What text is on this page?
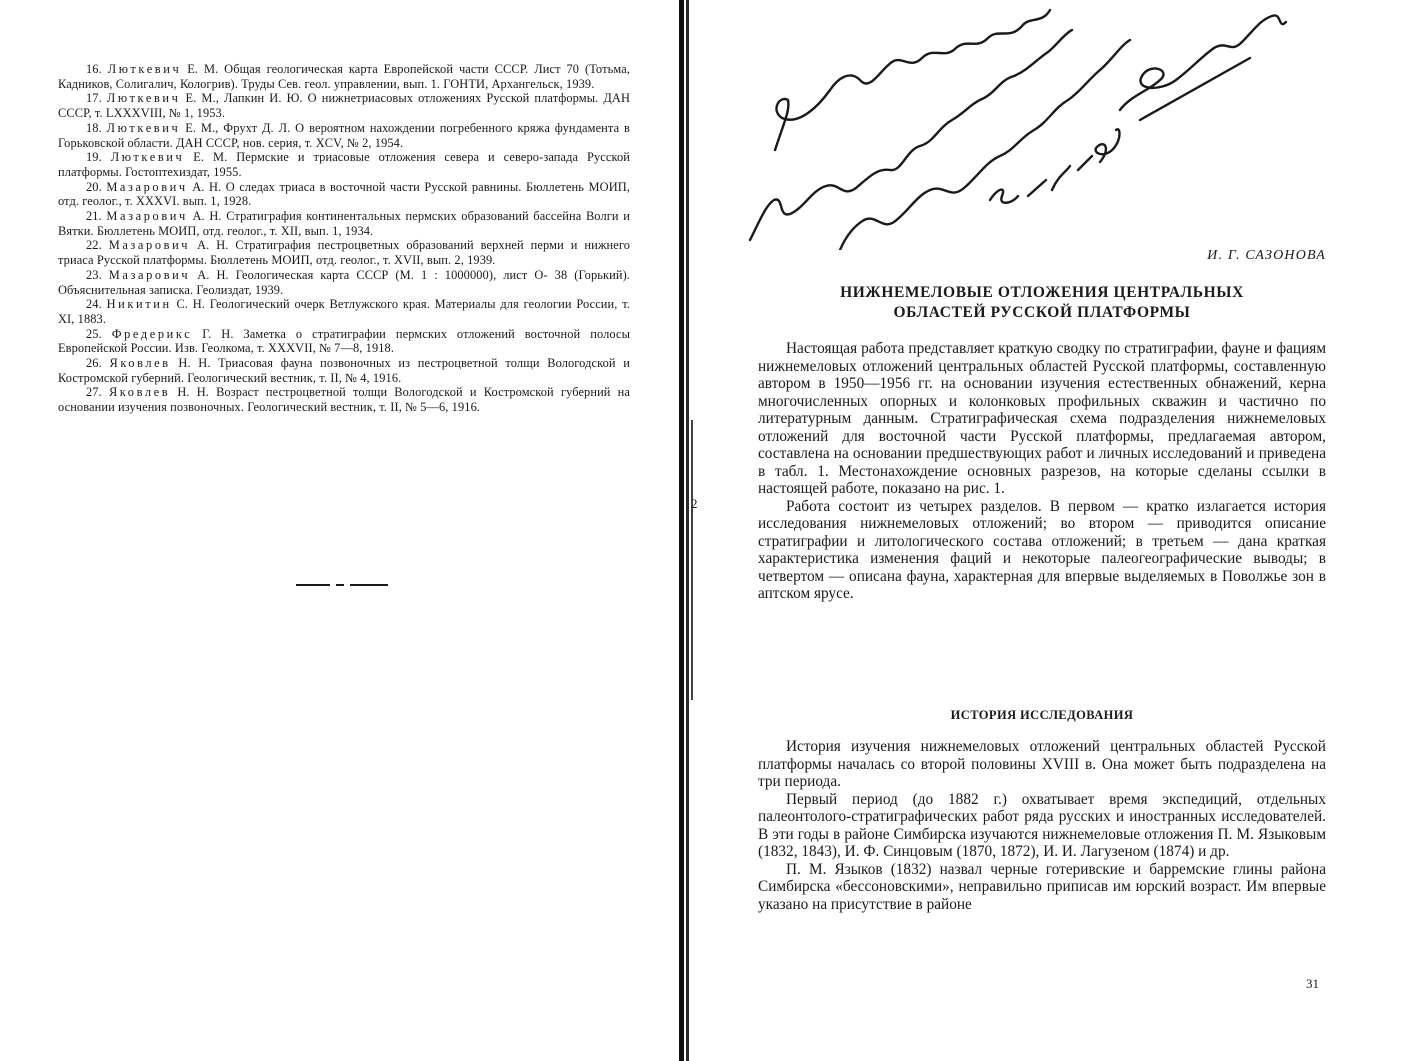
16. Люткевич Е. М. Общая геологическая карта Европейской части СССР. Лист 70 (Тотьма, Кадников, Солигалич, Кологрив). Труды Сев. геол. управлении, вып. 1. ГОНТИ, Архангельск, 1939.

17. Люткевич Е. М., Лапкин И. Ю. О нижнетриасовых отложениях Русской платформы. ДАН СССР, т. LXXXVIII, № 1, 1953.

18. Люткевич Е. М., Фрухт Д. Л. О вероятном нахождении погребенного кряжа фундамента в Горьковской области. ДАН СССР, нов. серия, т. XCV, № 2, 1954.

19. Люткевич Е. М. Пермские и триасовые отложения севера и северо-запада Русской платформы. Гостоптехиздат, 1955.

20. Мазарович А. Н. О следах триаса в восточной части Русской равнины. Бюллетень МОИП, отд. геолог., т. XXXVI. вып. 1, 1928.

21. Мазарович А. Н. Стратиграфия континентальных пермских образований бассейна Волги и Вятки. Бюллетень МОИП, отд. геолог., т. XII, вып. 1, 1934.

22. Мазарович А. Н. Стратиграфия пестроцветных образований верхней перми и нижнего триаса Русской платформы. Бюллетень МОИП, отд. геолог., т. XVII, вып. 2, 1939.

23. Мазарович А. Н. Геологическая карта СССР (М. 1 : 1000000), лист О- 38 (Горький). Объяснительная записка. Геолиздат, 1939.

24. Никитин С. Н. Геологический очерк Ветлужского края. Материалы для геологии России, т. XI, 1883.

25. Фредерикс Г. Н. Заметка о стратиграфии пермских отложений восточной полосы Европейской России. Изв. Геолкома, т. XXXVII, № 7—8, 1918.

26. Яковлев Н. Н. Триасовая фауна позвоночных из пестроцветной толщи Вологодской и Костромской губерний. Геологический вестник, т. II, № 4, 1916.

27. Яковлев Н. Н. Возраст пестроцветной толщи Вологодской и Костромской губерний на основании изучения позвоночных. Геологический вестник, т. II, № 5—6, 1916.

2
И. Г. САЗОНОВА
НИЖНЕМЕЛОВЫЕ ОТЛОЖЕНИЯ ЦЕНТРАЛЬНЫХ
ОБЛАСТЕЙ РУССКОЙ ПЛАТФОРМЫ

Настоящая работа представляет краткую сводку по стратиграфии, фауне и фациям нижнемеловых отложений центральных областей Русской платформы, составленную автором в 1950—1956 гг. на основании изучения естественных обнажений, керна многочисленных опорных и колонковых профильных скважин и частично по литературным данным. Стратиграфическая схема подразделения нижнемеловых отложений для восточной части Русской платформы, предлагаемая автором, составлена на основании предшествующих работ и личных исследований и приведена в табл. 1. Местонахождение основных разрезов, на которые сделаны ссылки в настоящей работе, показано на рис. 1.

Работа состоит из четырех разделов. В первом — кратко излагается история исследования нижнемеловых отложений; во втором — приводится описание стратиграфии и литологического состава отложений; в третьем — дана краткая характеристика изменения фаций и некоторые палеогеографические выводы; в четвертом — описана фауна, характерная для впервые выделяемых в Поволжье зон в аптском ярусе.

ИСТОРИЯ ИССЛЕДОВАНИЯ

История изучения нижнемеловых отложений центральных областей Русской платформы началась со второй половины XVIII в. Она может быть подразделена на три периода.

Первый период (до 1882 г.) охватывает время экспедиций, отдельных палеонтолого-стратиграфических работ ряда русских и иностранных исследователей. В эти годы в районе Симбирска изучаются нижнемеловые отложения П. М. Языковым (1832, 1843), И. Ф. Синцовым (1870, 1872), И. И. Лагузеном (1874) и др.

П. М. Языков (1832) назвал черные готеривские и барремские глины района Симбирска «бессоновскими», неправильно приписав им юрский возраст. Им впервые указано на присутствие в районе

31
